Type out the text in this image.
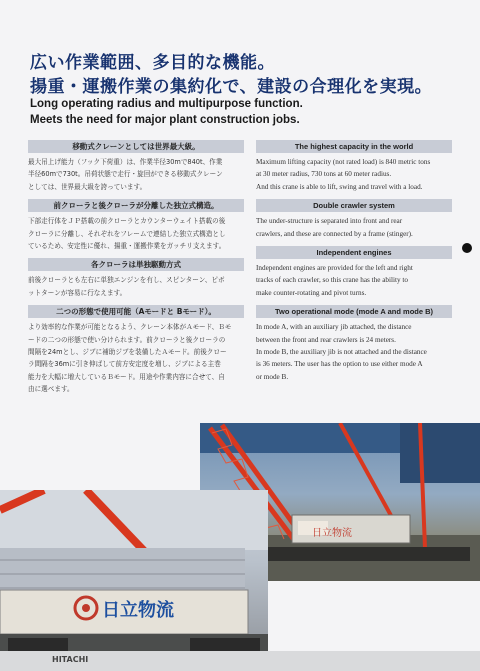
広い作業範囲、多目的な機能。
揚重・運搬作業の集約化で、建設の合理化を実現。
Long operating radius and multipurpose function.
Meets the need for major plant construction jobs.
移動式クレーンとしては世界最大級。
最大吊上げ能力（フック下荷重）は、作業半径30mで840t、作業
半径60mで730t。吊荷状態で走行・旋回ができる移動式クレーン
としては、世界最大級を誇っています。
前クローラと後クローラが分離した独立式構造。
下部走行体をＪＰ搭載の前クローラとカウンターウェイト搭載の後
クローラに分離し、それぞれをフレームで連結した独立式構造とし
ているため、安定性に優れ、揚重・運搬作業をガッチリ支えます。
各クローラは単独駆動方式
前後クローラとも左右に単独エンジンを有し、スピンターン、ピボ
ットターンが容易に行なえます。
二つの形態で使用可能（Aモードと Bモード）。
より効率的な作業が可能となるよう、クレーン本体がＡモード、Ｂモ
ードの二つの形態で使い分けられます。前クローラと後クローラの
間隔を24mとし、ジブに補助ジブを装備したＡモード。前後クロー
ラ間隔を36mに引き伸ばして前方安定度を増し、ジブによる主巻
能力を大幅に増大しているＢモード。用途や作業内容に合せて、自
由に選べます。
The highest capacity in the world
Maximum lifting capacity (not rated load) is 840 metric tons
at 30 meter radius, 730 tons at 60 meter radius.
And this crane is able to lift, swing and travel with a load.
Double crawler system
The under-structure is separated into front and rear
crawlers, and these are connected by a frame (stinger).
Independent engines
Independent engines are provided for the left and right
tracks of each crawler, so this crane has the ability to
make counter-rotating and pivot turns.
Two operational mode (mode A and mode B)
In mode A, with an auxiliary jib attached, the distance
between the front and rear crawlers is 24 meters.
In mode B, the auxiliary jib is not attached and the distance
is 36 meters. The user has the option to use either mode A
or mode B.
日立物流
日立物流
HITACHI
